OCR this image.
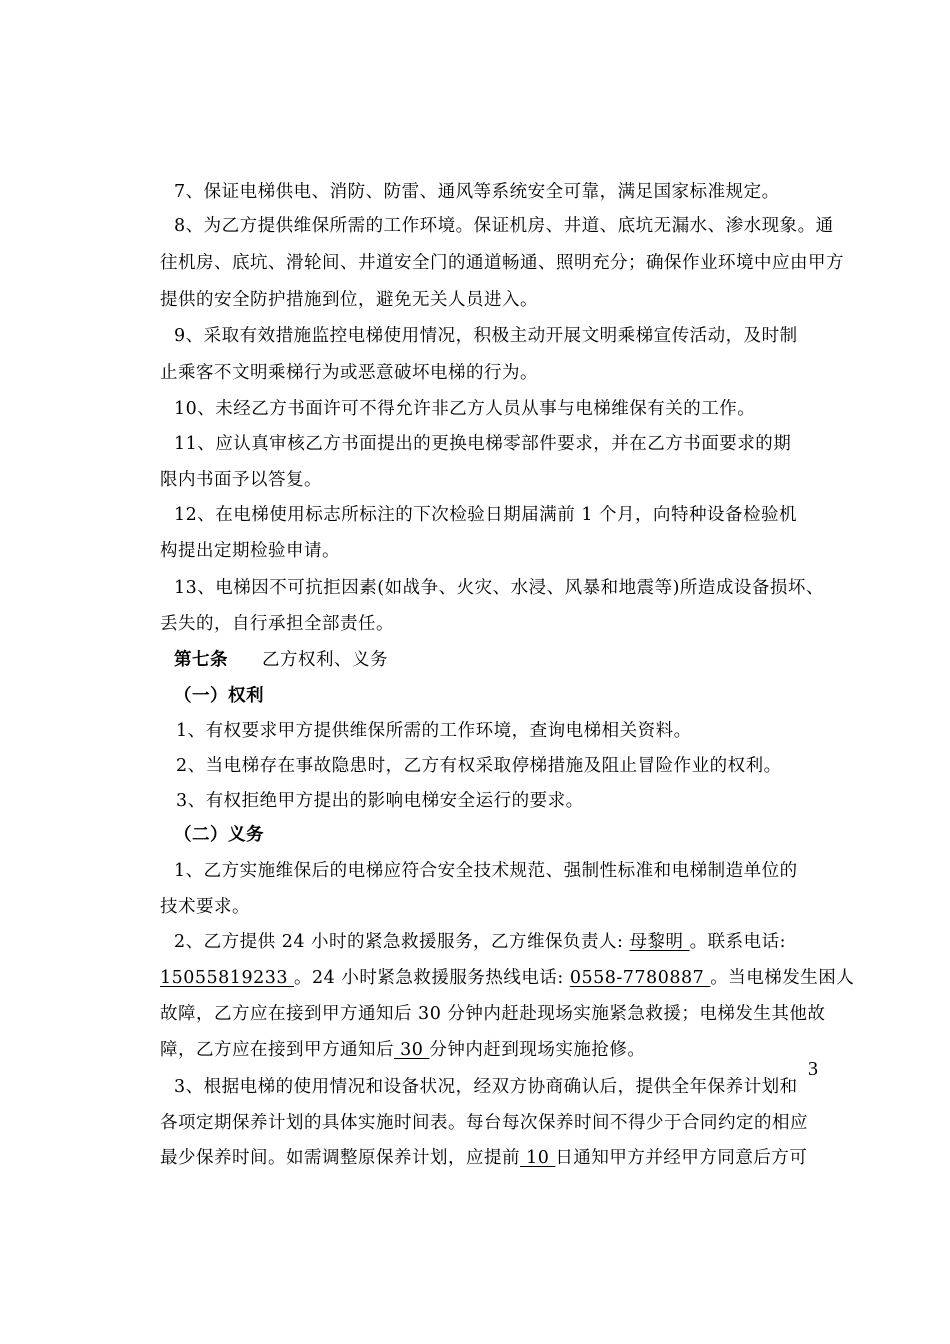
7、保证电梯供电、消防、防雷、通风等系统安全可靠，满足国家标准规定。
8、为乙方提供维保所需的工作环境。保证机房、井道、底坑无漏水、渗水现象。通
往机房、底坑、滑轮间、井道安全门的通道畅通、照明充分；确保作业环境中应由甲方
提供的安全防护措施到位，避免无关人员进入。
9、采取有效措施监控电梯使用情况，积极主动开展文明乘梯宣传活动，及时制
止乘客不文明乘梯行为或恶意破坏电梯的行为。
10、未经乙方书面许可不得允许非乙方人员从事与电梯维保有关的工作。
11、应认真审核乙方书面提出的更换电梯零部件要求，并在乙方书面要求的期
限内书面予以答复。
12、在电梯使用标志所标注的下次检验日期届满前 1 个月，向特种设备检验机
构提出定期检验申请。
13、电梯因不可抗拒因素(如战争、火灾、水浸、风暴和地震等)所造成设备损坏、
丢失的，自行承担全部责任。
第七条 乙方权利、义务
（一）权利
1、有权要求甲方提供维保所需的工作环境，查询电梯相关资料。
2、当电梯存在事故隐患时，乙方有权采取停梯措施及阻止冒险作业的权利。
3、有权拒绝甲方提出的影响电梯安全运行的要求。
（二）义务
1、乙方实施维保后的电梯应符合安全技术规范、强制性标准和电梯制造单位的
技术要求。
2、乙方提供 24 小时的紧急救援服务，乙方维保负责人: 母黎明 。联系电话:
15055819233 。24 小时紧急救援服务热线电话: 0558-7780887 。当电梯发生困人
故障，乙方应在接到甲方通知后 30 分钟内赶赴现场实施紧急救援；电梯发生其他故
障，乙方应在接到甲方通知后 30 分钟内赶到现场实施抢修。
3、根据电梯的使用情况和设备状况，经双方协商确认后，提供全年保养计划和
各项定期保养计划的具体实施时间表。每台每次保养时间不得少于合同约定的相应
最少保养时间。如需调整原保养计划，应提前 10 日通知甲方并经甲方同意后方可
3
